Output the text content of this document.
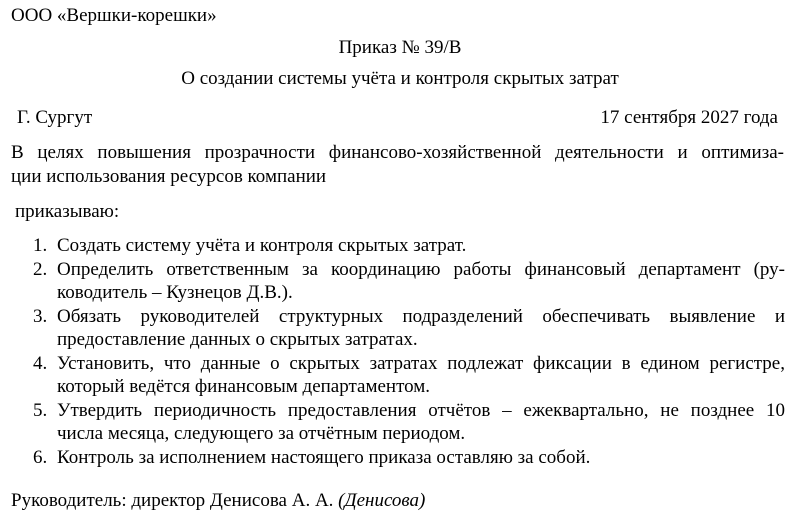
ООО «Вершки-корешки»
Приказ № 39/В
О создании системы учёта и контроля скрытых затрат
Г. Сургут	17 сентября 2027 года
В целях повышения прозрачности финансово-хозяйственной деятельности и оптимиза-
ции использования ресурсов компании
приказываю:
1. Создать систему учёта и контроля скрытых затрат.
2. Определить ответственным за координацию работы финансовый департамент (ру-
ководитель – Кузнецов Д.В.).
3. Обязать руководителей структурных подразделений обеспечивать выявление и
предоставление данных о скрытых затратах.
4. Установить, что данные о скрытых затратах подлежат фиксации в едином регистре,
который ведётся финансовым департаментом.
5. Утвердить периодичность предоставления отчётов – ежеквартально, не позднее 10
числа месяца, следующего за отчётным периодом.
6. Контроль за исполнением настоящего приказа оставляю за собой.
Руководитель: директор Денисова А. А. (Денисова)
